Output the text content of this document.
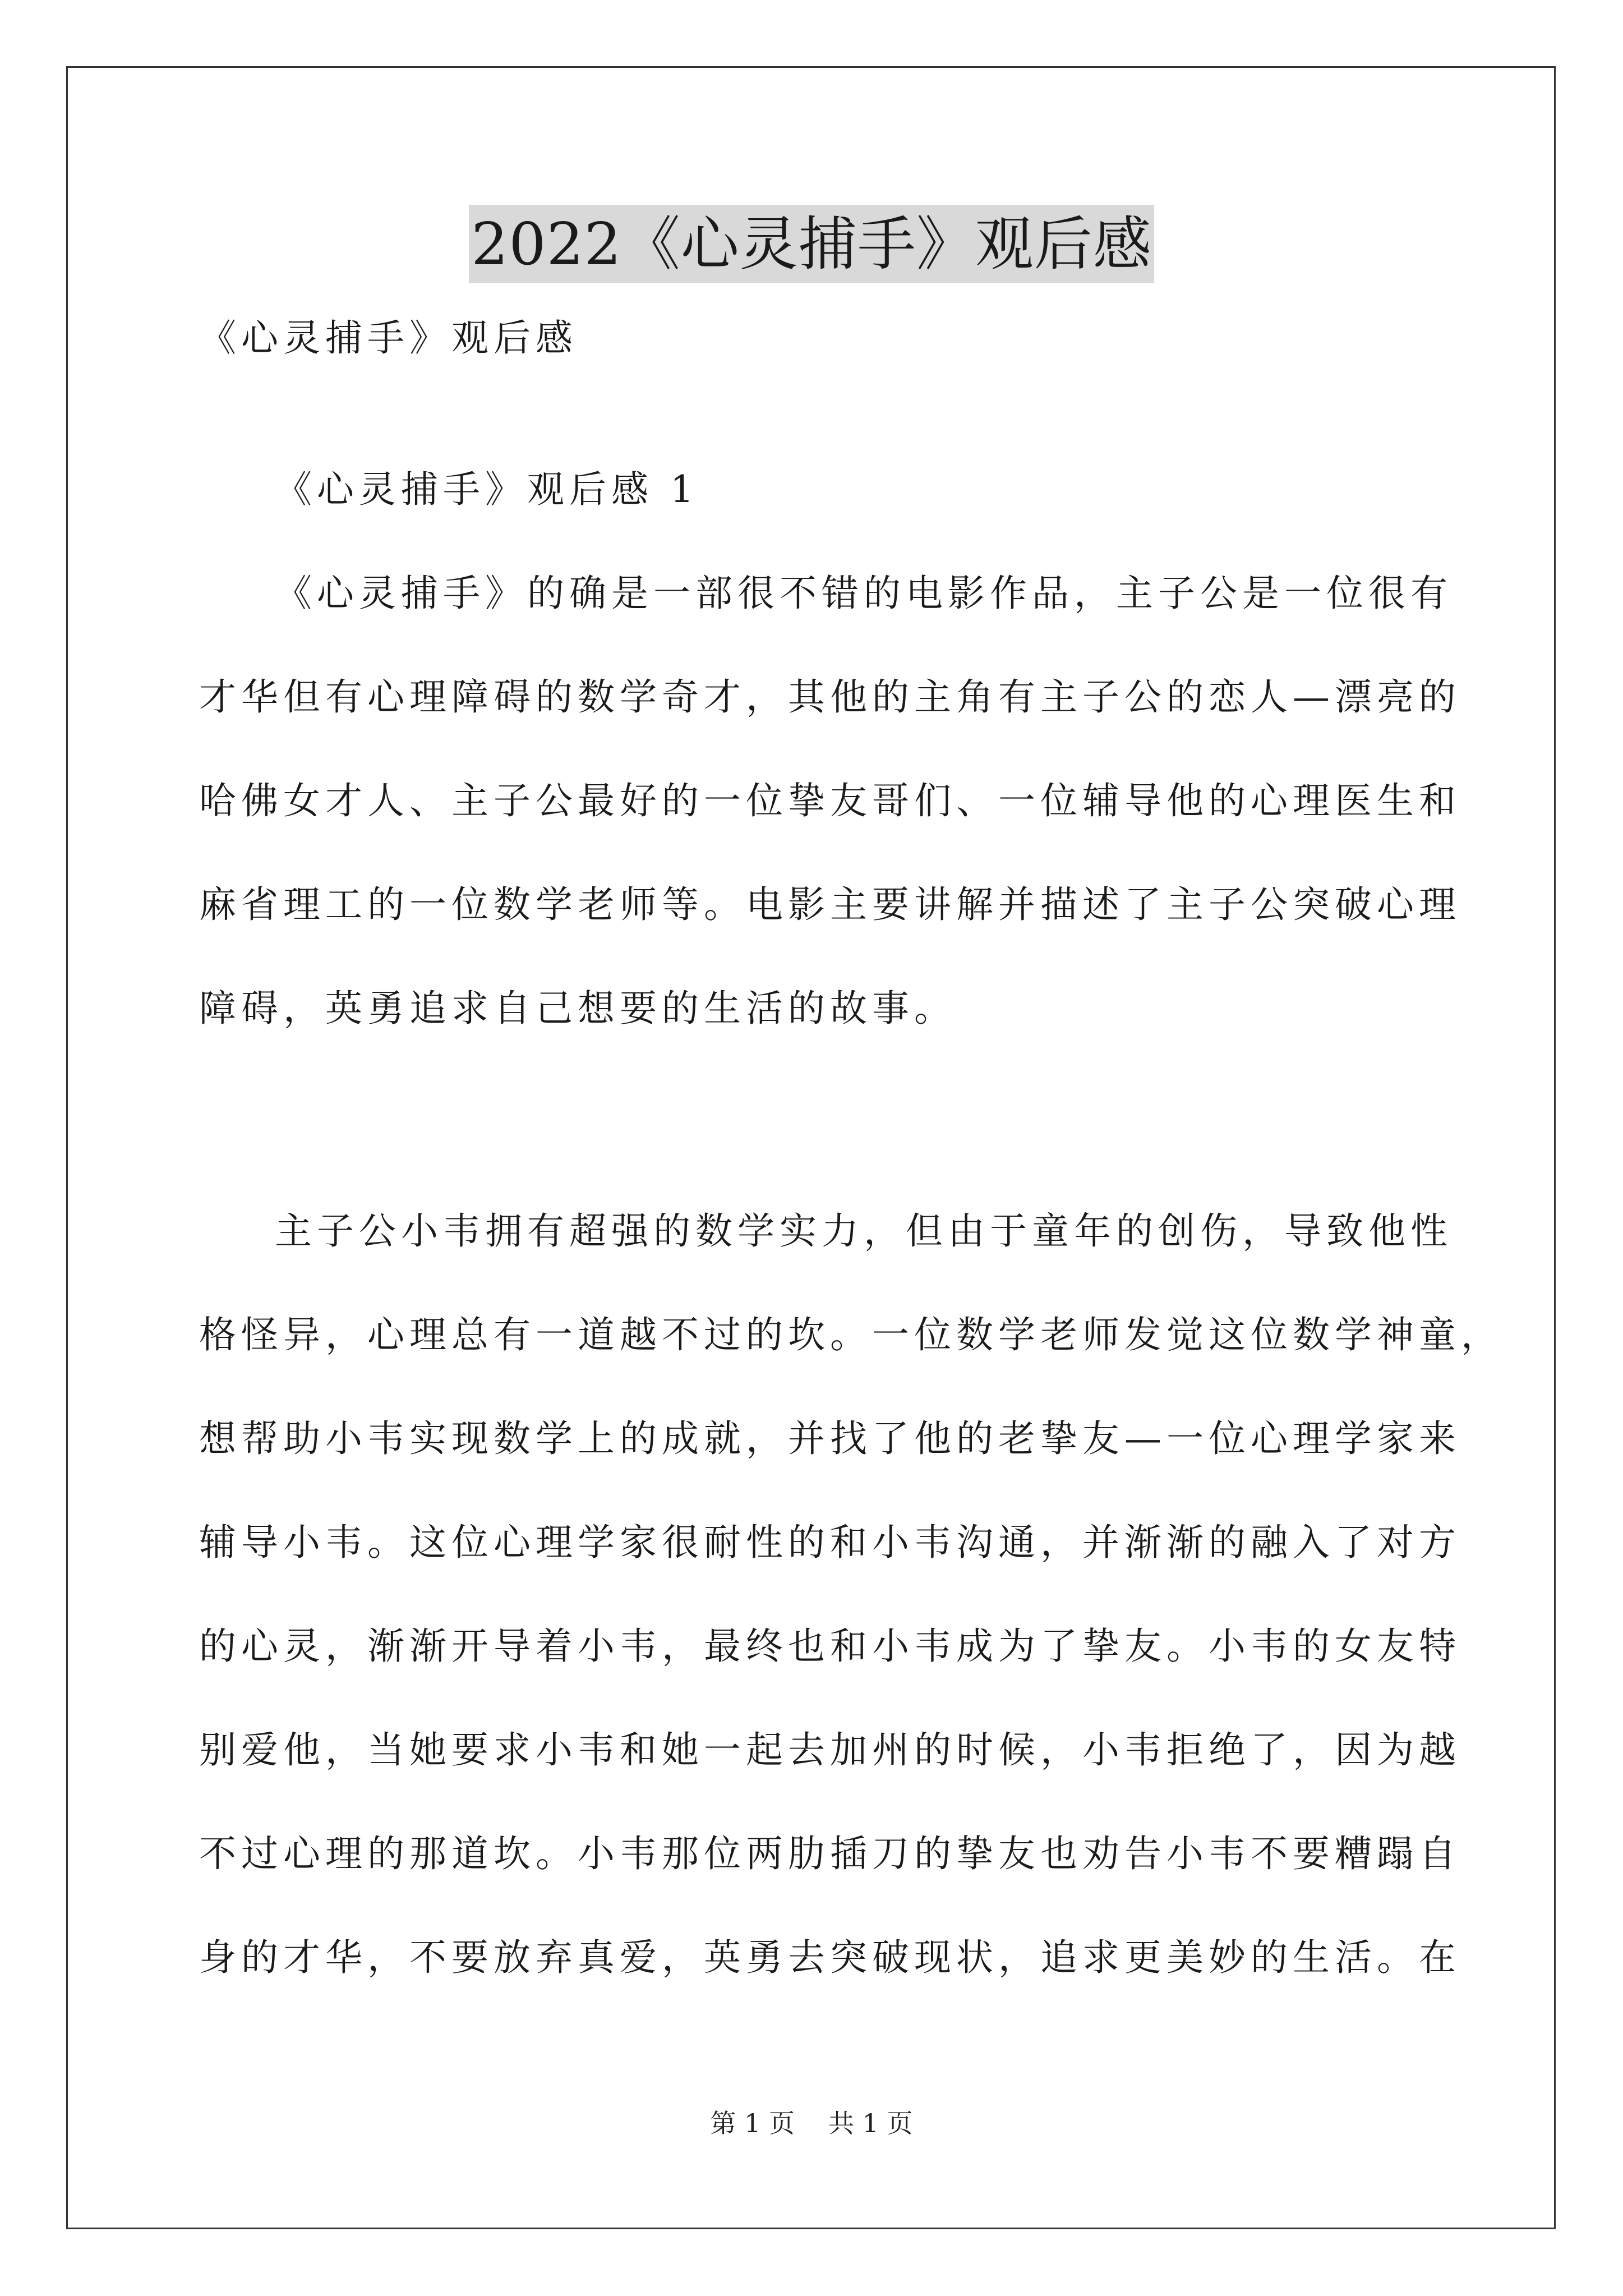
2022《心灵捕手》观后感
《心灵捕手》观后感
《心灵捕手》观后感 1
《心灵捕手》的确是一部很不错的电影作品，主子公是一位很有
才华但有心理障碍的数学奇才，其他的主角有主子公的恋人—漂亮的
哈佛女才人、主子公最好的一位挚友哥们、一位辅导他的心理医生和
麻省理工的一位数学老师等。电影主要讲解并描述了主子公突破心理
障碍，英勇追求自己想要的生活的故事。
主子公小韦拥有超强的数学实力，但由于童年的创伤，导致他性
格怪异，心理总有一道越不过的坎。一位数学老师发觉这位数学神童，
想帮助小韦实现数学上的成就，并找了他的老挚友—一位心理学家来
辅导小韦。这位心理学家很耐性的和小韦沟通，并渐渐的融入了对方
的心灵，渐渐开导着小韦，最终也和小韦成为了挚友。小韦的女友特
别爱他，当她要求小韦和她一起去加州的时候，小韦拒绝了，因为越
不过心理的那道坎。小韦那位两肋插刀的挚友也劝告小韦不要糟蹋自
身的才华，不要放弃真爱，英勇去突破现状，追求更美妙的生活。在
第 1 页 共 1 页
